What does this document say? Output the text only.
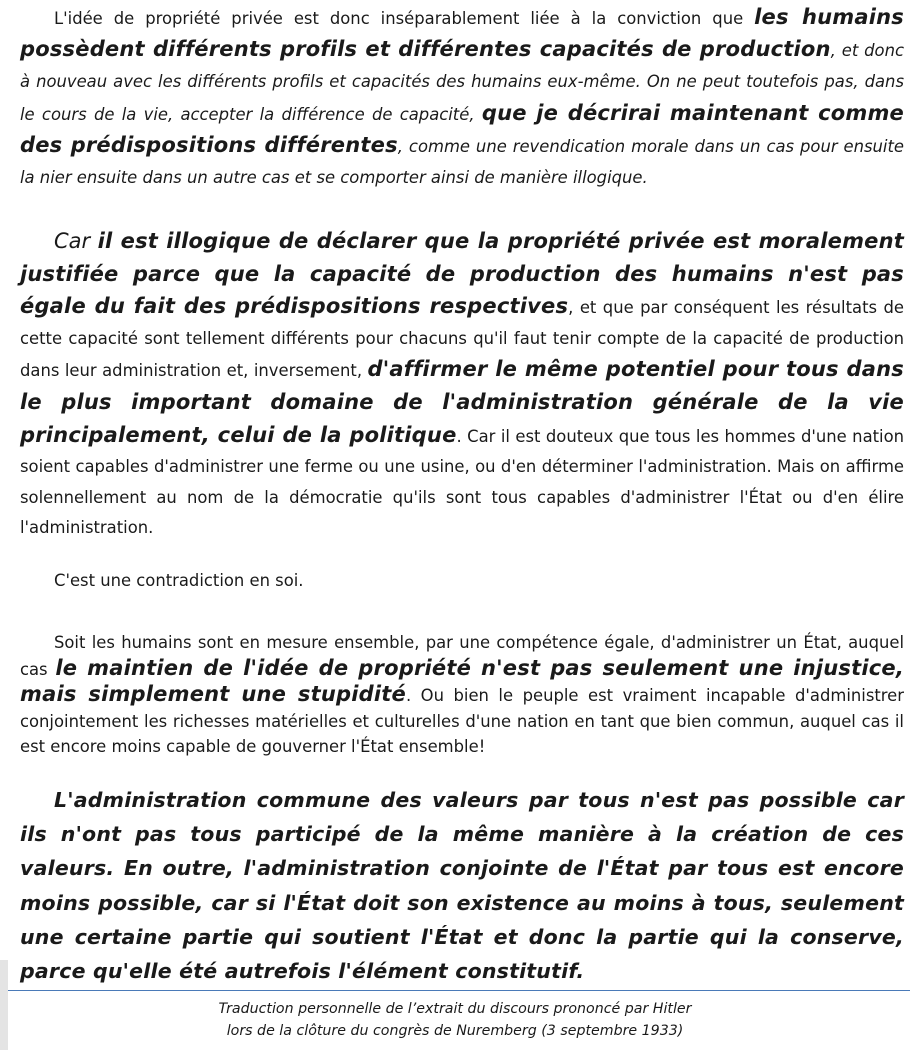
L'idée de propriété privée est donc inséparablement liée à la conviction que les humains possèdent différents profils et différentes capacités de production, et donc à nouveau avec les différents profils et capacités des humains eux-même. On ne peut toutefois pas, dans le cours de la vie, accepter la différence de capacité, que je décrirai maintenant comme des prédispositions différentes, comme une revendication morale dans un cas pour ensuite la nier ensuite dans un autre cas et se comporter ainsi de manière illogique.

Car il est illogique de déclarer que la propriété privée est moralement justifiée parce que la capacité de production des humains n'est pas égale du fait des prédispositions respectives, et que par conséquent les résultats de cette capacité sont tellement différents pour chacuns qu'il faut tenir compte de la capacité de production dans leur administration et, inversement, d'affirmer le même potentiel pour tous dans le plus important domaine de l'administration générale de la vie principalement, celui de la politique. Car il est douteux que tous les hommes d'une nation soient capables d'administrer une ferme ou une usine, ou d'en déterminer l'administration. Mais on affirme solennellement au nom de la démocratie qu'ils sont tous capables d'administrer l'État ou d'en élire l'administration.

C'est une contradiction en soi.

Soit les humains sont en mesure ensemble, par une compétence égale, d'administrer un État, auquel cas le maintien de l'idée de propriété n'est pas seulement une injustice, mais simplement une stupidité. Ou bien le peuple est vraiment incapable d'administrer conjointement les richesses matérielles et culturelles d'une nation en tant que bien commun, auquel cas il est encore moins capable de gouverner l'État ensemble!

L'administration commune des valeurs par tous n'est pas possible car ils n'ont pas tous participé de la même manière à la création de ces valeurs. En outre, l'administration conjointe de l'État par tous est encore moins possible, car si l'État doit son existence au moins à tous, seulement une certaine partie qui soutient l'État et donc la partie qui la conserve, parce qu'elle été autrefois l'élément constitutif.

Traduction personnelle de l’extrait du discours prononcé par Hitler
lors de la clôture du congrès de Nuremberg (3 septembre 1933)
